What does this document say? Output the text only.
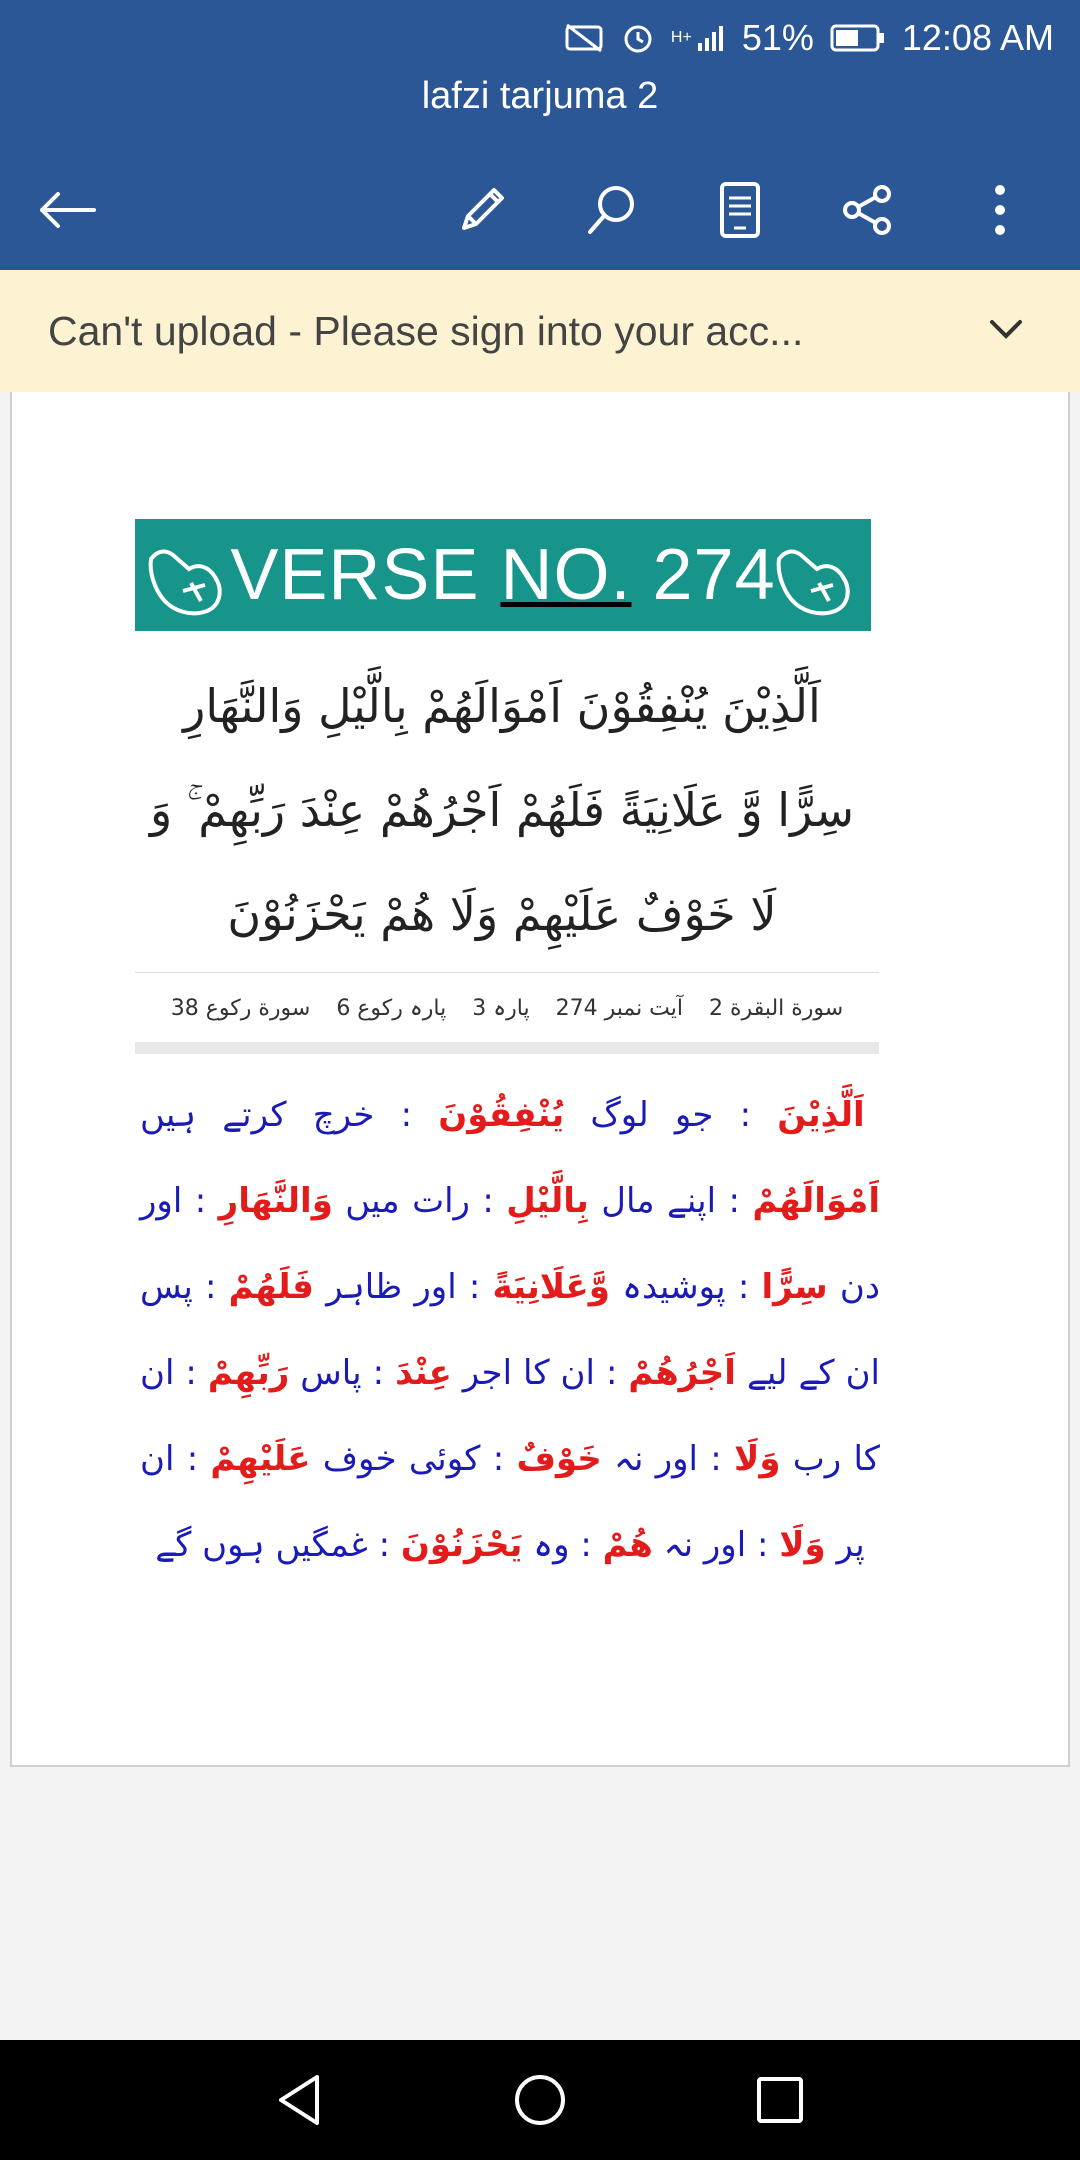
H+ 51% 12:08 AM
lafzi tarjuma 2
Can't upload - Please sign into your acc...
VERSE NO. 274
اَلَّذِيْنَ يُنْفِقُوْنَ اَمْوَالَهُمْ بِالَّيْلِ وَالنَّهَارِ
سِرًّا وَّ عَلَانِيَةً فَلَهُمْ اَجْرُهُمْ عِنْدَ رَبِّهِمْ ۚ وَ
لَا خَوْفٌ عَلَيْهِمْ وَلَا هُمْ يَحْزَنُوْنَ
سورة البقرة 2
آیت نمبر 274
پارہ 3
پارہ رکوع 6
سورة رکوع 38
اَلَّذِيْنَ : جو لوگ يُنْفِقُوْنَ : خرچ کرتے ہیں اَمْوَالَهُمْ : اپنے مال بِالَّيْلِ : رات میں وَالنَّهَارِ : اور دن سِرًّا : پوشیدہ وَّعَلَانِيَةً : اور ظاہر فَلَهُمْ : پس ان کے لیے اَجْرُهُمْ : ان کا اجر عِنْدَ : پاس رَبِّهِمْ : ان کا رب وَلَا : اور نہ خَوْفٌ : کوئی خوف عَلَيْهِمْ : ان پر وَلَا : اور نہ هُمْ : وہ يَحْزَنُوْنَ : غمگیں ہوں گے
